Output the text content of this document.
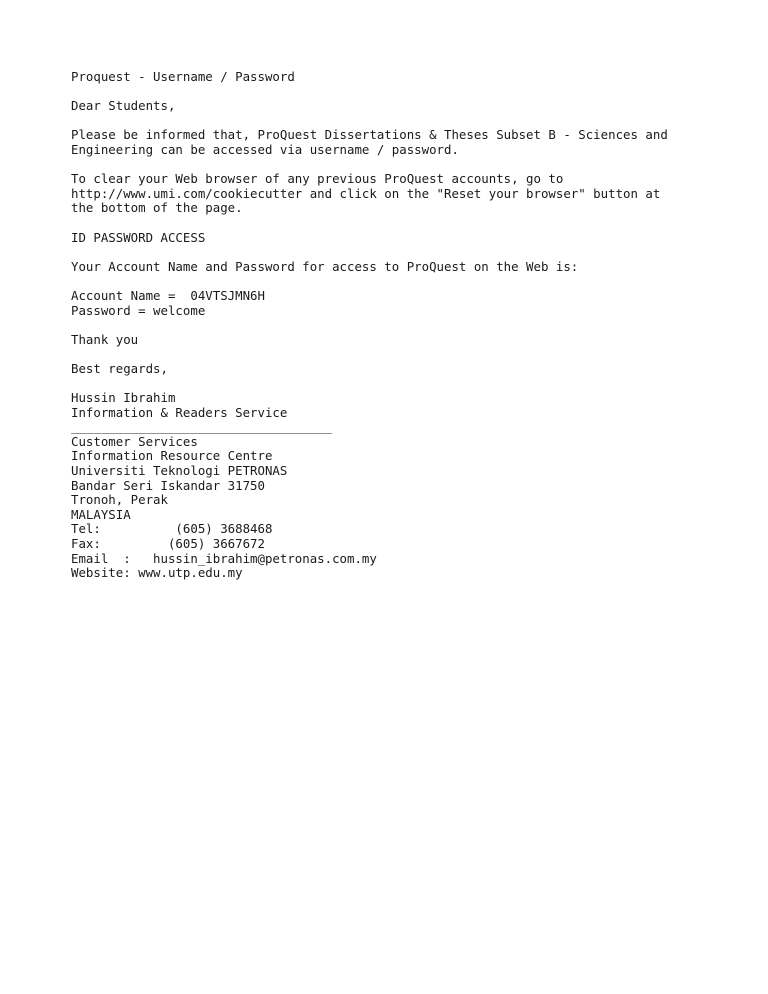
Proquest - Username / Password
Dear Students,
Please be informed that, ProQuest Dissertations & Theses Subset B - Sciences and
Engineering can be accessed via username / password.
To clear your Web browser of any previous ProQuest accounts, go to
http://www.umi.com/cookiecutter and click on the "Reset your browser" button at
the bottom of the page.
ID PASSWORD ACCESS
Your Account Name and Password for access to ProQuest on the Web is:
Account Name =  04VTSJMN6H
Password = welcome
Thank you
Best regards,
Hussin Ibrahim
Information & Readers Service
___________________________________
Customer Services
Information Resource Centre
Universiti Teknologi PETRONAS
Bandar Seri Iskandar 31750
Tronoh, Perak
MALAYSIA
Tel:          (605) 3688468
Fax:         (605) 3667672
Email  :   hussin_ibrahim@petronas.com.my
Website: www.utp.edu.my
